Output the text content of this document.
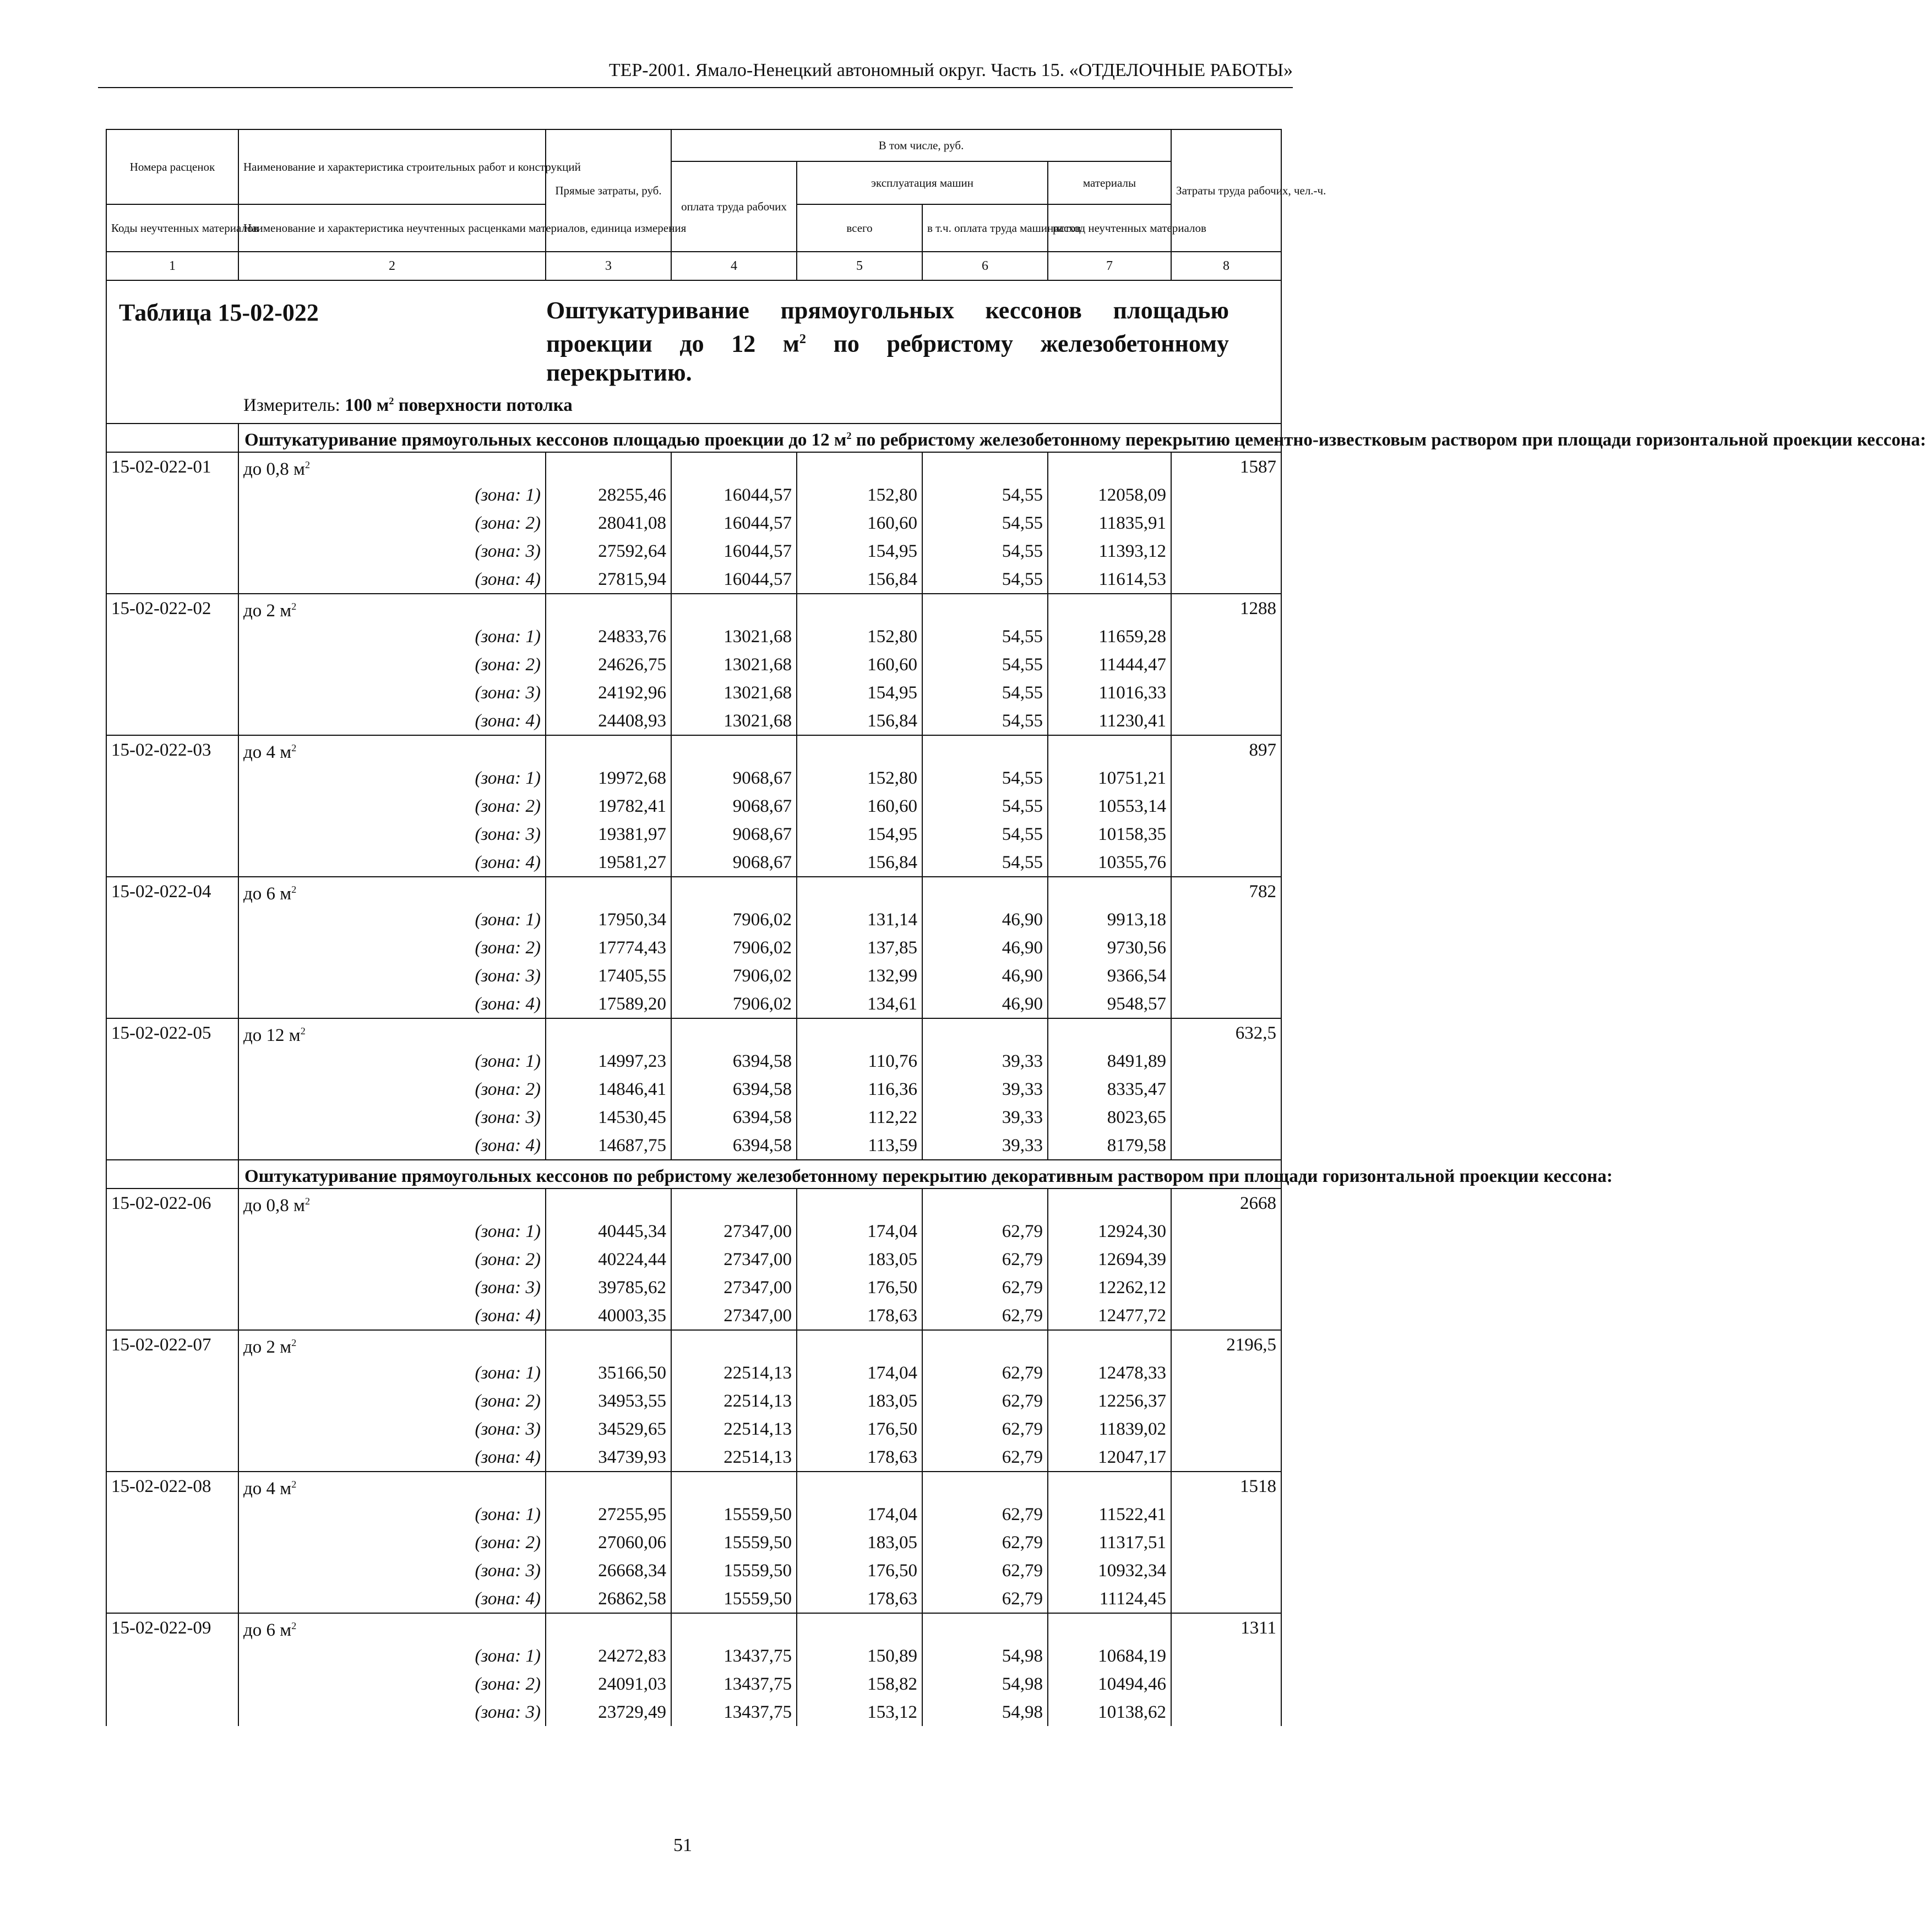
ТЕР-2001. Ямало-Ненецкий автономный округ. Часть 15. «ОТДЕЛОЧНЫЕ РАБОТЫ»
Номера расценок	Наименование и характеристика строительных работ и конструкций	Прямые затраты, руб.	В том числе, руб.				Затраты труда рабочих, чел.-ч.
			оплата труда рабочих	эксплуатация машин		материалы	
Коды неучтенных материалов	Наименование и характеристика неучтенных расценками материалов, единица измерения			всего	в т.ч. оплата труда машинистов	расход неучтенных материалов	
1	2	3	4	5	6	7	8

Таблица 15-02-022 Оштукатуривание прямоугольных кессонов площадью проекции до 12 $м^2$ по ребристому железобетонному перекрытию.
Измеритель: 100 $м^2$ поверхности потолка							

	Оштукатуривание прямоугольных кессонов площадью проекции до 12 $м^2$ по ребристому железобетонному перекрытию цементно-известковым раствором при площади горизонтальной проекции кессона:						
15-02-022-01	до 0,8 $м^2$						1587
	(зона: 1)	28255,46	16044,57	152,80	54,55	12058,09	
	(зона: 2)	28041,08	16044,57	160,60	54,55	11835,91	
	(зона: 3)	27592,64	16044,57	154,95	54,55	11393,12	
	(зона: 4)	27815,94	16044,57	156,84	54,55	11614,53	
15-02-022-02	до 2 $м^2$						1288
	(зона: 1)	24833,76	13021,68	152,80	54,55	11659,28	
	(зона: 2)	24626,75	13021,68	160,60	54,55	11444,47	
	(зона: 3)	24192,96	13021,68	154,95	54,55	11016,33	
	(зона: 4)	24408,93	13021,68	156,84	54,55	11230,41	
15-02-022-03	до 4 $м^2$						897
	(зона: 1)	19972,68	9068,67	152,80	54,55	10751,21	
	(зона: 2)	19782,41	9068,67	160,60	54,55	10553,14	
	(зона: 3)	19381,97	9068,67	154,95	54,55	10158,35	
	(зона: 4)	19581,27	9068,67	156,84	54,55	10355,76	
15-02-022-04	до 6 $м^2$						782
	(зона: 1)	17950,34	7906,02	131,14	46,90	9913,18	
	(зона: 2)	17774,43	7906,02	137,85	46,90	9730,56	
	(зона: 3)	17405,55	7906,02	132,99	46,90	9366,54	
	(зона: 4)	17589,20	7906,02	134,61	46,90	9548,57	
15-02-022-05	до 12 $м^2$						632,5
	(зона: 1)	14997,23	6394,58	110,76	39,33	8491,89	
	(зона: 2)	14846,41	6394,58	116,36	39,33	8335,47	
	(зона: 3)	14530,45	6394,58	112,22	39,33	8023,65	
	(зона: 4)	14687,75	6394,58	113,59	39,33	8179,58	
	Оштукатуривание прямоугольных кессонов по ребристому железобетонному перекрытию декоративным раствором при площади горизонтальной проекции кессона:						
15-02-022-06	до 0,8 $м^2$						2668
	(зона: 1)	40445,34	27347,00	174,04	62,79	12924,30	
	(зона: 2)	40224,44	27347,00	183,05	62,79	12694,39	
	(зона: 3)	39785,62	27347,00	176,50	62,79	12262,12	
	(зона: 4)	40003,35	27347,00	178,63	62,79	12477,72	
15-02-022-07	до 2 $м^2$						2196,5
	(зона: 1)	35166,50	22514,13	174,04	62,79	12478,33	
	(зона: 2)	34953,55	22514,13	183,05	62,79	12256,37	
	(зона: 3)	34529,65	22514,13	176,50	62,79	11839,02	
	(зона: 4)	34739,93	22514,13	178,63	62,79	12047,17	
15-02-022-08	до 4 $м^2$						1518
	(зона: 1)	27255,95	15559,50	174,04	62,79	11522,41	
	(зона: 2)	27060,06	15559,50	183,05	62,79	11317,51	
	(зона: 3)	26668,34	15559,50	176,50	62,79	10932,34	
	(зона: 4)	26862,58	15559,50	178,63	62,79	11124,45	
15-02-022-09	до 6 $м^2$						1311
	(зона: 1)	24272,83	13437,75	150,89	54,98	10684,19	
	(зона: 2)	24091,03	13437,75	158,82	54,98	10494,46	
	(зона: 3)	23729,49	13437,75	153,12	54,98	10138,62	
51
